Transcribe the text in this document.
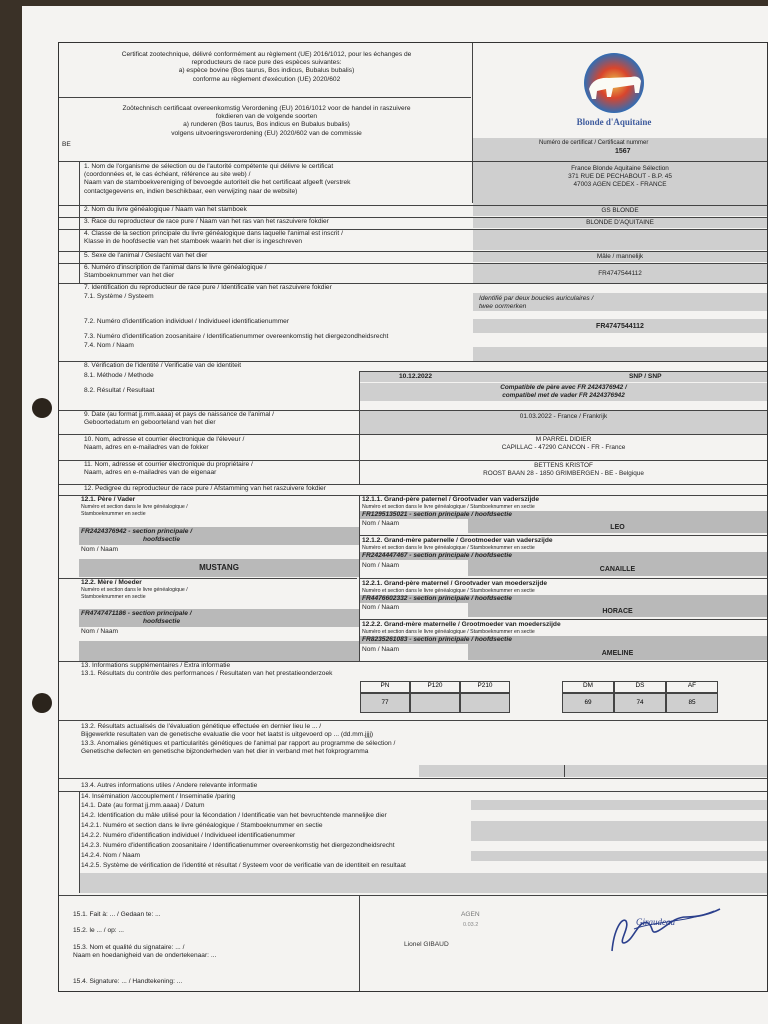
Certificat zootechnique, délivré conformément au règlement (UE) 2016/1012, pour les échanges de
reproducteurs de race pure des espèces suivantes:
a) espèce bovine (Bos taurus, Bos indicus, Bubalus bubalis)
conforme au règlement d'exécution (UE) 2020/602
Zoötechnisch certificaat overeenkomstig Verordening (EU) 2016/1012 voor de handel in raszuivere
fokdieren van de volgende soorten
a) runderen (Bos taurus, Bos indicus en Bubalus bubalis)
volgens uitvoeringsverordening (EU) 2020/602 van de commissie
BE
Blonde d'Aquitaine
Numéro de certificat / Certificaat nummer
1567
1. Nom de l'organisme de sélection ou de l'autorité compétente qui délivre le certificat
(coordonnées et, le cas échéant, référence au site web) /
Naam van de stamboekvereniging of bevoegde autoriteit die het certificaat afgeeft (verstrek
contactgegevens en, indien beschikbaar, een verwijzing naar de website)
France Blonde Aquitaine Sélection
371 RUE DE PECHABOUT - B.P. 45
47003 AGEN CEDEX - FRANCE
2. Nom du livre généalogique / Naam van het stamboek	GS BLONDE
3. Race du reproducteur de race pure / Naam van het ras van het raszuivere fokdier	BLONDE D'AQUITAINE
4. Classe de la section principale du livre généalogique dans laquelle l'animal est inscrit /
Klasse in de hoofdsectie van het stamboek waarin het dier is ingeschreven
5. Sexe de l'animal / Geslacht van het dier	Mâle / mannelijk
6. Numéro d'inscription de l'animal dans le livre généalogique /
Stamboeknummer van het dier	FR4747544112
7. Identification du reproducteur de race pure / Identificatie van het raszuivere fokdier
7.1. Système / Systeem	Identifié par deux boucles auriculaires /
twee oormerken
7.2. Numéro d'identification individuel / Individueel identificatienummer
FR4747544112
7.3. Numéro d'identification zoosanitaire / Identificatienummer overeenkomstig het diergezondheidsrecht
7.4. Nom / Naam
8. Vérification de l'identité / Verificatie van de identiteit
8.1. Méthode / Methode	10.12.2022	SNP / SNP
8.2. Résultat / Resultaat	Compatible de père avec FR 2424376942 /
compatibel met de vader FR 2424376942
9. Date (au format jj.mm.aaaa) et pays de naissance de l'animal /
Geboortedatum en geboorteland van het dier
01.03.2022 - France / Frankrijk
10. Nom, adresse et courrier électronique de l'éleveur /
Naam, adres en e-mailadres van de fokker
M PARREL DIDIER
CAPILLAC - 47290 CANCON - FR - France
11. Nom, adresse et courrier électronique du propriétaire /
Naam, adres en e-mailadres van de eigenaar
BETTENS KRISTOF
ROOST BAAN 28 - 1850 GRIMBERGEN - BE - Belgique
12. Pedigree du reproducteur de race pure / Afstamming van het raszuivere fokdier
12.1. Père / Vader
Numéro et section dans le livre généalogique /
Stamboeknummer en sectie
FR2424376942 - section principale /
hoofdsectie
Nom / Naam
MUSTANG
12.2. Mère / Moeder
Numéro et section dans le livre généalogique /
Stamboeknummer en sectie
FR4747471186 - section principale /
hoofdsectie
Nom / Naam
12.1.1. Grand-père paternel / Grootvader van vaderszijde
Numéro et section dans le livre généalogique / Stamboeknummer en sectie
FR1295135021 - section principale / hoofdsectie
Nom / Naam
LEO
12.1.2. Grand-mère paternelle / Grootmoeder van vaderszijde
Numéro et section dans le livre généalogique / Stamboeknummer en sectie
FR2424447467 - section principale / hoofdsectie
Nom / Naam
CANAILLE
12.2.1. Grand-père maternel / Grootvader van moederszijde
Numéro et section dans le livre généalogique / Stamboeknummer en sectie
FR4476602332 - section principale / hoofdsectie
Nom / Naam
HORACE
12.2.2. Grand-mère maternelle / Grootmoeder van moederszijde
Numéro et section dans le livre généalogique / Stamboeknummer en sectie
FR8235261083 - section principale / hoofdsectie
Nom / Naam
AMELINE
13. Informations supplémentaires / Extra informatie
13.1. Résultats du contrôle des performances / Resultaten van het prestatieonderzoek
PN	P120	P210
77
DM	DS	AF
69	74	85
13.2. Résultats actualisés de l'évaluation génétique effectuée en dernier lieu le ... /
Bijgewerkte resultaten van de genetische evaluatie die voor het laatst is uitgevoerd op ... (dd.mm.jjjj)
13.3. Anomalies génétiques et particularités génétiques de l'animal par rapport au programme de sélection /
Genetische defecten en genetische bijzonderheden van het dier in verband met het fokprogramma
13.4. Autres informations utiles / Andere relevante informatie
14. Insémination /accouplement / Inseminatie /paring
14.1. Date (au format jj.mm.aaaa) / Datum
14.2. Identification du mâle utilisé pour la fécondation / Identificatie van het bevruchtende mannelijke dier
14.2.1. Numéro et section dans le livre généalogique / Stamboeknummer en sectie
14.2.2. Numéro d'identification individuel / Individueel identificatienummer
14.2.3. Numéro d'identification zoosanitaire / Identificatienummer overeenkomstig het diergezondheidsrecht
14.2.4. Nom / Naam
14.2.5. Système de vérification de l'identité et résultat / Systeem voor de verificatie van de identiteit en resultaat
15.1. Fait à: ... / Gedaan te: ...
15.2. le ... / op: ...
15.3. Nom et qualité du signataire: ... /
Naam en hoedanigheid van de ondertekenaar: ...
15.4. Signature: ... / Handtekening: ...
AGEN
0.03.2
Lionel GIBAUD
Giraudeau
